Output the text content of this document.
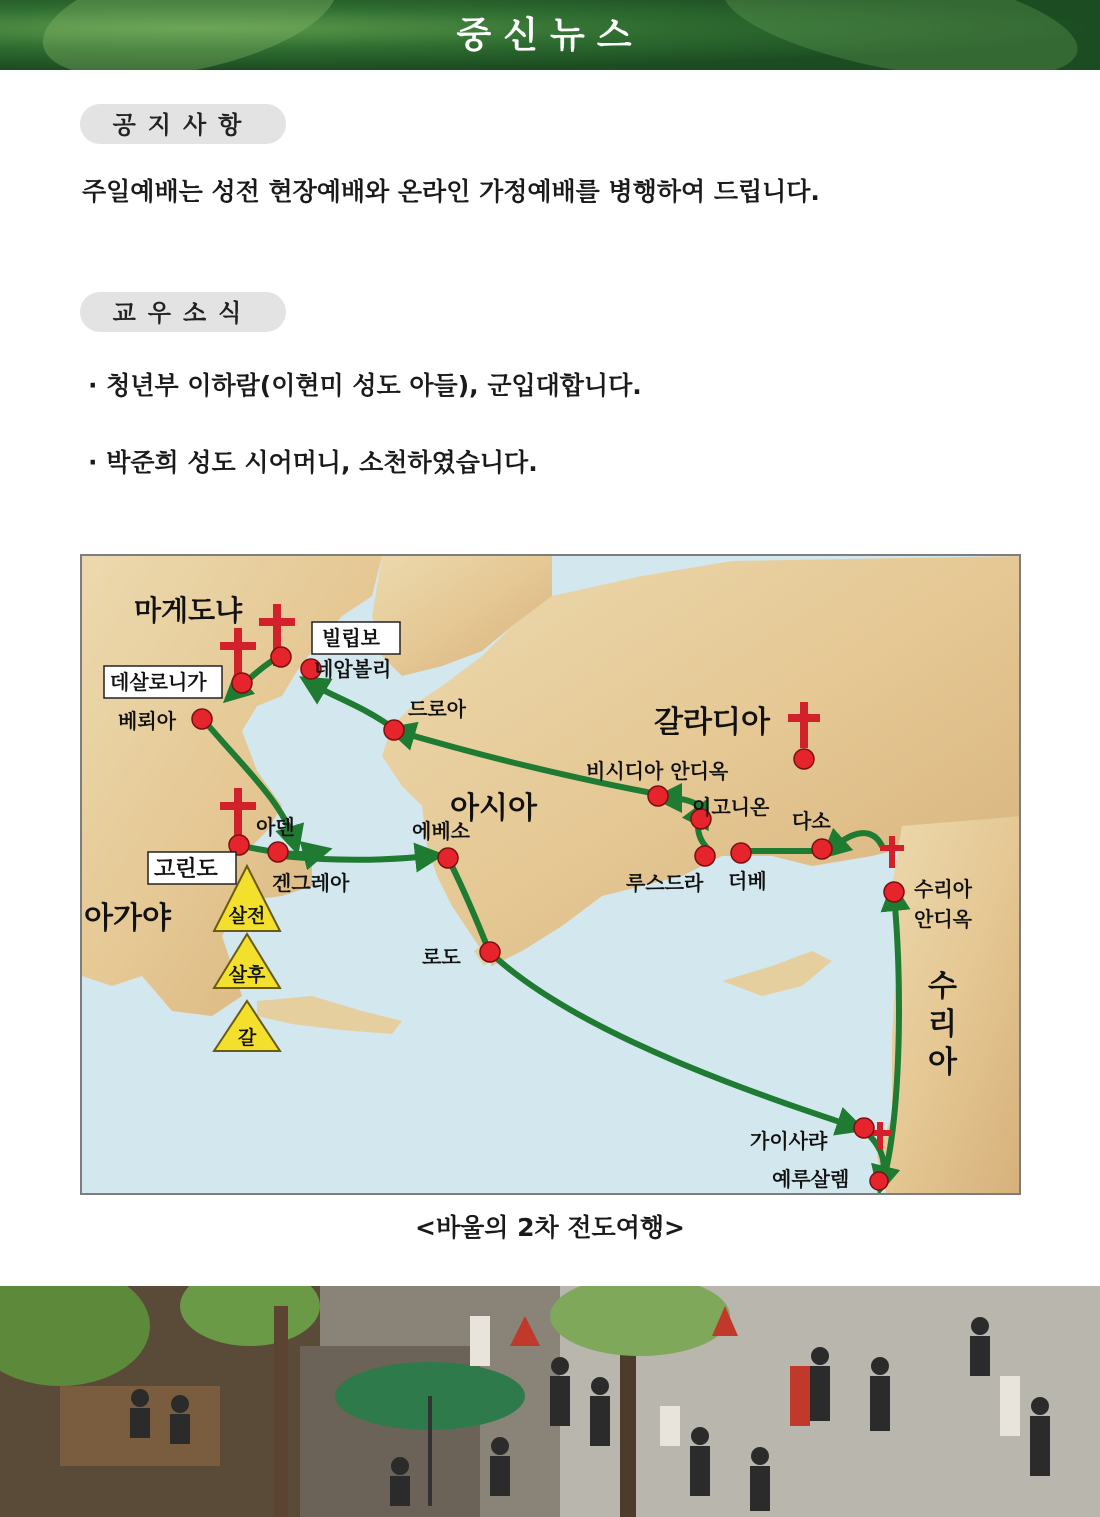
중신뉴스
공지사항
주일예배는 성전 현장예배와 온라인 가정예배를 병행하여 드립니다.
교우소식
· 청년부 이하람(이현미 성도 아들), 군입대합니다.
· 박준희 성도 시어머니, 소천하였습니다.
마게도냐
갈라디아
아시아
아가야
수
리
아
빌립보
네압볼리
데살로니가
베뢰아	드로아
비시디아 안디옥
이고니온
다소
아덴
고린도
겐그레아
에베소
루스드라 더베	수리아
안디옥
로도
가이사랴
예루살렘
살전
살후
갈
<바울의 2차 전도여행>
